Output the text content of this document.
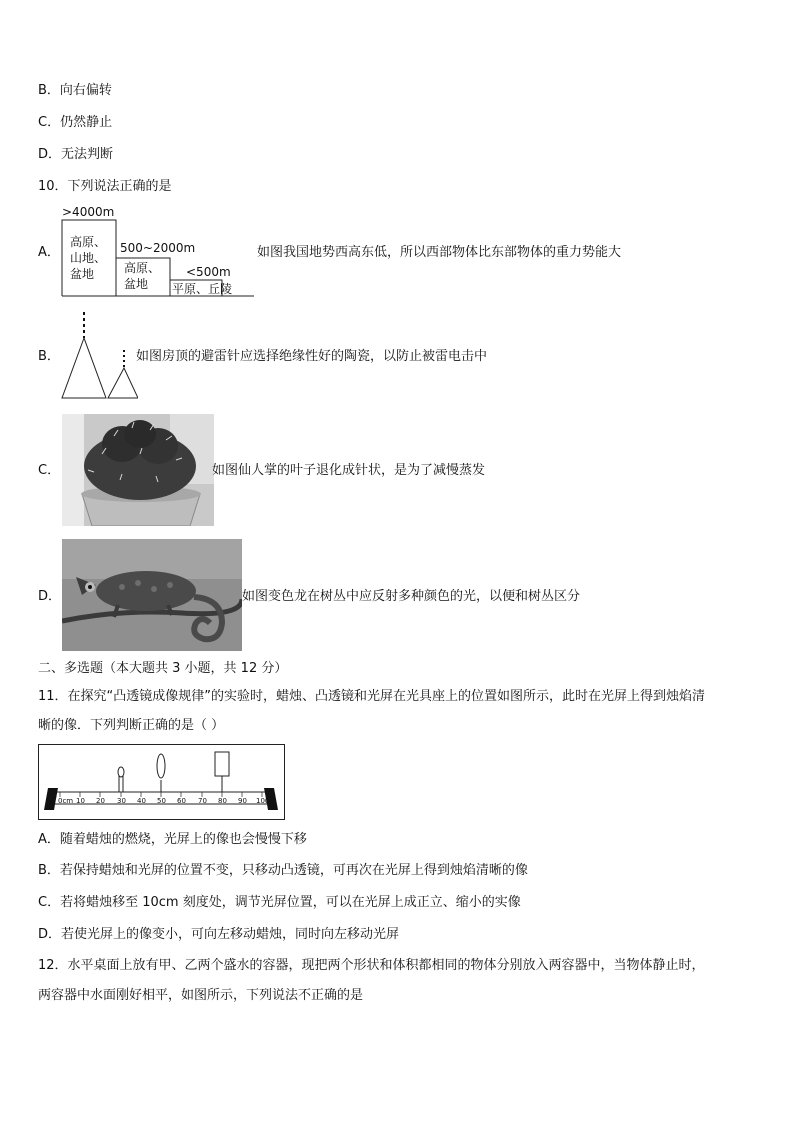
B．向右偏转
C．仍然静止
D．无法判断
10．下列说法正确的是
A．
>4000m
高原、
山地、
盆地
500~2000m
高原、
盆地
<500m
平原、丘陵
如图我国地势西高东低，所以西部物体比东部物体的重力势能大
B．	如图房顶的避雷针应选择绝缘性好的陶瓷，以防止被雷电击中
C．	如图仙人掌的叶子退化成针状，是为了减慢蒸发
D．	如图变色龙在树丛中应反射多种颜色的光，以便和树丛区分
二、多选题（本大题共 3 小题，共 12 分）
11．在探究“凸透镜成像规律”的实验时，蜡烛、凸透镜和光屏在光具座上的位置如图所示，此时在光屏上得到烛焰清
晰的像．下列判断正确的是（ ）
0cm 10 20 30 40 50 60 70 80 90 100
A．随着蜡烛的燃烧，光屏上的像也会慢慢下移
B．若保持蜡烛和光屏的位置不变，只移动凸透镜，可再次在光屏上得到烛焰清晰的像
C．若将蜡烛移至 10cm 刻度处，调节光屏位置，可以在光屏上成正立、缩小的实像
D．若使光屏上的像变小，可向左移动蜡烛，同时向左移动光屏
12．水平桌面上放有甲、乙两个盛水的容器，现把两个形状和体积都相同的物体分别放入两容器中，当物体静止时，
两容器中水面刚好相平，如图所示，下列说法不正确的是
